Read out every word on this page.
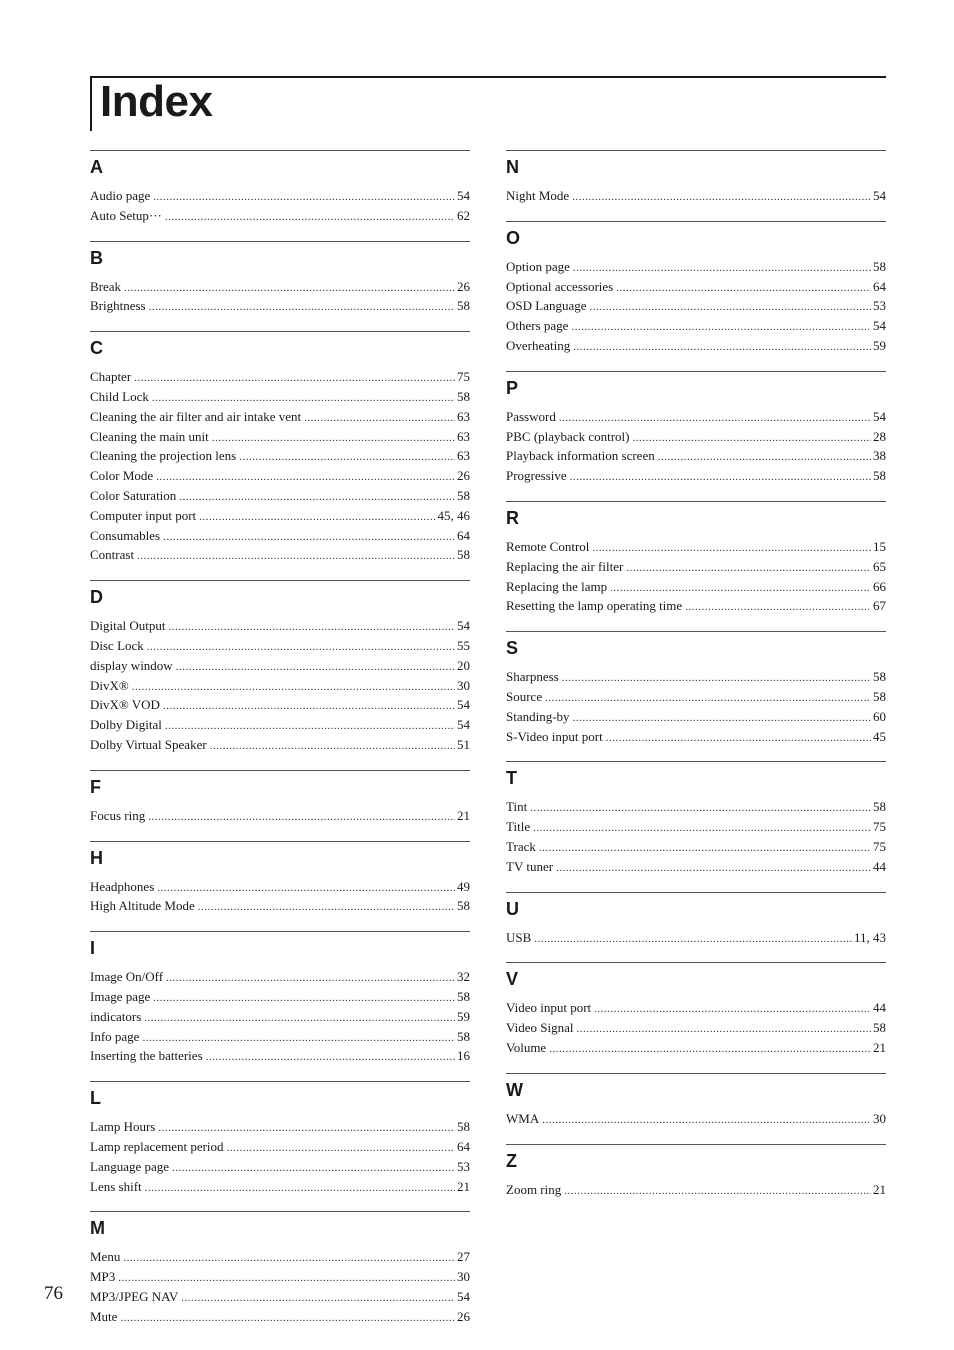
Index
A
Audio page .....	54
Auto Setup··· .....	62
B
Break .....	26
Brightness .....	58
C
Chapter .....	75
Child Lock .....	58
Cleaning the air filter and air intake vent .....	63
Cleaning the main unit .....	63
Cleaning the projection lens .....	63
Color Mode .....	26
Color Saturation .....	58
Computer input port .....	45, 46
Consumables .....	64
Contrast .....	58
D
Digital Output .....	54
Disc Lock .....	55
display window .....	20
DivX® .....	30
DivX® VOD .....	54
Dolby Digital .....	54
Dolby Virtual Speaker .....	51
F
Focus ring .....	21
H
Headphones .....	49
High Altitude Mode .....	58
I
Image On/Off .....	32
Image page .....	58
indicators .....	59
Info page .....	58
Inserting the batteries .....	16
L
Lamp Hours .....	58
Lamp replacement period .....	64
Language page .....	53
Lens shift .....	21
M
Menu .....	27
MP3 .....	30
MP3/JPEG NAV .....	54
Mute .....	26
N
Night Mode .....	54
O
Option page .....	58
Optional accessories .....	64
OSD Language .....	53
Others page .....	54
Overheating .....	59
P
Password .....	54
PBC (playback control) .....	28
Playback information screen .....	38
Progressive .....	58
R
Remote Control .....	15
Replacing the air filter .....	65
Replacing the lamp .....	66
Resetting the lamp operating time .....	67
S
Sharpness .....	58
Source .....	58
Standing-by .....	60
S-Video input port .....	45
T
Tint .....	58
Title .....	75
Track .....	75
TV tuner .....	44
U
USB .....	11, 43
V
Video input port .....	44
Video Signal .....	58
Volume .....	21
W
WMA .....	30
Z
Zoom ring .....	21
76
